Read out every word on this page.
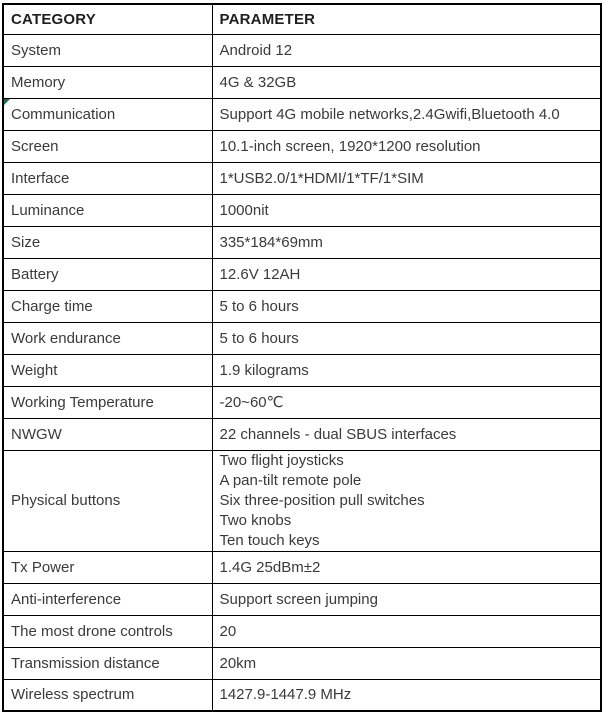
CATEGORY	PARAMETER
System	Android 12
Memory	4G & 32GB
Communication	Support 4G mobile networks,2.4Gwifi,Bluetooth 4.0
Screen	10.1-inch screen, 1920*1200 resolution
Interface	1*USB2.0/1*HDMI/1*TF/1*SIM
Luminance	1000nit
Size	335*184*69mm
Battery	12.6V 12AH
Charge time	5 to 6 hours
Work endurance	5 to 6 hours
Weight	1.9 kilograms
Working Temperature	-20~60℃
NWGW	22 channels - dual SBUS interfaces
Physical buttons	Two flight joysticks
A pan-tilt remote pole
Six three-position pull switches
Two knobs
Ten touch keys

Tx Power	1.4G 25dBm±2
Anti-interference	Support screen jumping
The most drone controls	20
Transmission distance	20km
Wireless spectrum	1427.9-1447.9 MHz
